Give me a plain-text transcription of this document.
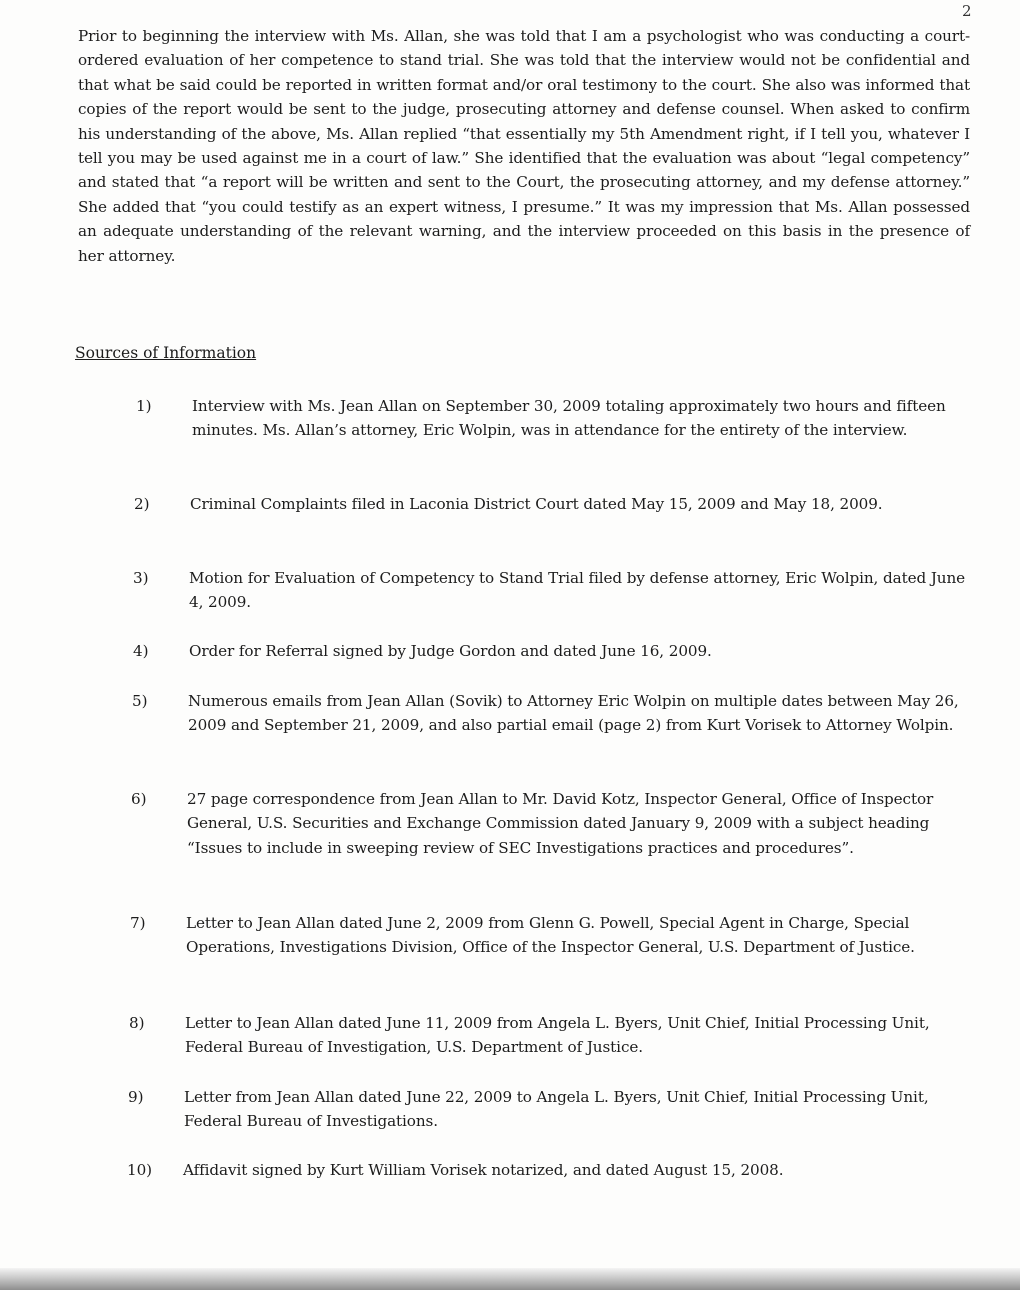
2

Prior to beginning the interview with Ms. Allan, she was told that I am a psychologist who was conducting a court-ordered evaluation of her competence to stand trial. She was told that the interview would not be confidential and that what be said could be reported in written format and/or oral testimony to the court. She also was informed that copies of the report would be sent to the judge, prosecuting attorney and defense counsel. When asked to confirm his understanding of the above, Ms. Allan replied “that essentially my 5th Amendment right, if I tell you, whatever I tell you may be used against me in a court of law.” She identified that the evaluation was about “legal competency” and stated that “a report will be written and sent to the Court, the prosecuting attorney, and my defense attorney.” She added that “you could testify as an expert witness, I presume.” It was my impression that Ms. Allan possessed an adequate understanding of the relevant warning, and the interview proceeded on this basis in the presence of her attorney.

Sources of Information
1)	Interview with Ms. Jean Allan on September 30, 2009 totaling approximately two hours and fifteen minutes. Ms. Allan’s attorney, Eric Wolpin, was in attendance for the entirety of the interview.
2)	Criminal Complaints filed in Laconia District Court dated May 15, 2009 and May 18, 2009.
3)	Motion for Evaluation of Competency to Stand Trial filed by defense attorney, Eric Wolpin, dated June 4, 2009.
4)	Order for Referral signed by Judge Gordon and dated June 16, 2009.
5)	Numerous emails from Jean Allan (Sovik) to Attorney Eric Wolpin on multiple dates between May 26, 2009 and September 21, 2009, and also partial email (page 2) from Kurt Vorisek to Attorney Wolpin.
6)	27 page correspondence from Jean Allan to Mr. David Kotz, Inspector General, Office of Inspector General, U.S. Securities and Exchange Commission dated January 9, 2009 with a subject heading “Issues to include in sweeping review of SEC Investigations practices and procedures”.
7)	Letter to Jean Allan dated June 2, 2009 from Glenn G. Powell, Special Agent in Charge, Special Operations, Investigations Division, Office of the Inspector General, U.S. Department of Justice.
8)	Letter to Jean Allan dated June 11, 2009 from Angela L. Byers, Unit Chief, Initial Processing Unit, Federal Bureau of Investigation, U.S. Department of Justice.
9)	Letter from Jean Allan dated June 22, 2009 to Angela L. Byers, Unit Chief, Initial Processing Unit, Federal Bureau of Investigations.
10)	Affidavit signed by Kurt William Vorisek notarized, and dated August 15, 2008.
